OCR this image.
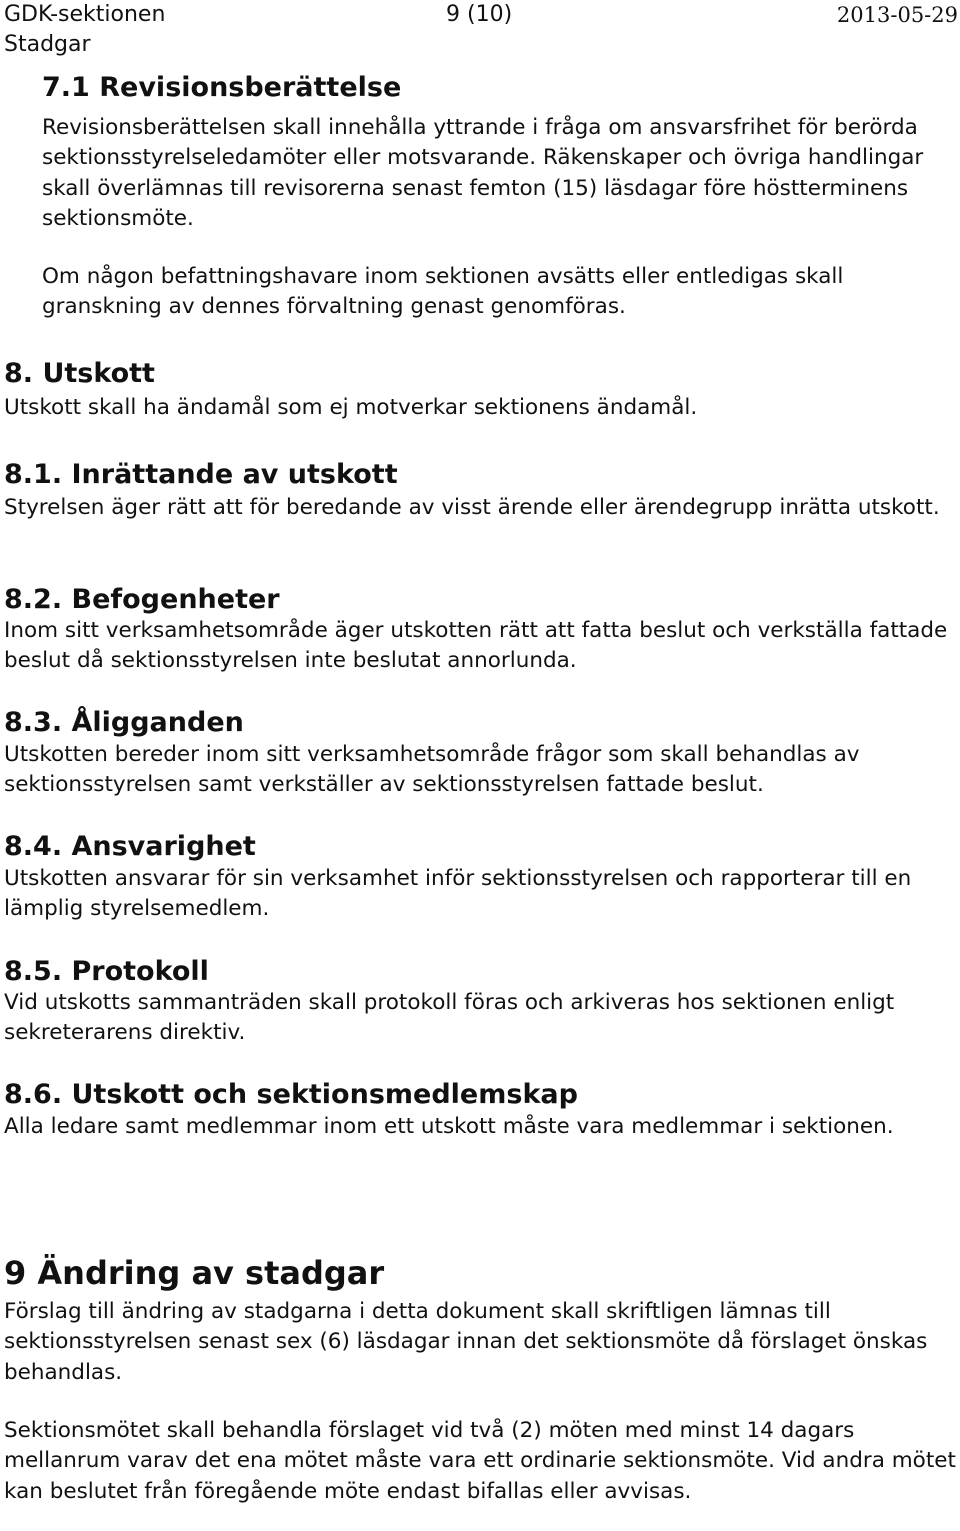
GDK-sektionen
Stadgar
9 (10)	2013-05-29
7.1 Revisionsberättelse

Revisionsberättelsen skall innehålla yttrande i fråga om ansvarsfrihet för berörda sektionsstyrelseledamöter eller motsvarande. Räkenskaper och övriga handlingar skall överlämnas till revisorerna senast femton (15) läsdagar före höstterminens sektionsmöte.

Om någon befattningshavare inom sektionen avsätts eller entledigas skall granskning av dennes förvaltning genast genomföras.

8. Utskott

Utskott skall ha ändamål som ej motverkar sektionens ändamål.

8.1. Inrättande av utskott

Styrelsen äger rätt att för beredande av visst ärende eller ärendegrupp inrätta utskott.

8.2. Befogenheter

Inom sitt verksamhetsområde äger utskotten rätt att fatta beslut och verkställa fattade beslut då sektionsstyrelsen inte beslutat annorlunda.

8.3. Åligganden

Utskotten bereder inom sitt verksamhetsområde frågor som skall behandlas av sektionsstyrelsen samt verkställer av sektionsstyrelsen fattade beslut.

8.4. Ansvarighet

Utskotten ansvarar för sin verksamhet inför sektionsstyrelsen och rapporterar till en lämplig styrelsemedlem.

8.5. Protokoll

Vid utskotts sammanträden skall protokoll föras och arkiveras hos sektionen enligt sekreterarens direktiv.

8.6. Utskott och sektionsmedlemskap

Alla ledare samt medlemmar inom ett utskott måste vara medlemmar i sektionen.

9 Ändring av stadgar

Förslag till ändring av stadgarna i detta dokument skall skriftligen lämnas till sektionsstyrelsen senast sex (6) läsdagar innan det sektionsmöte då förslaget önskas behandlas.

Sektionsmötet skall behandla förslaget vid två (2) möten med minst 14 dagars mellanrum varav det ena mötet måste vara ett ordinarie sektionsmöte. Vid andra mötet kan beslutet från föregående möte endast bifallas eller avvisas.
